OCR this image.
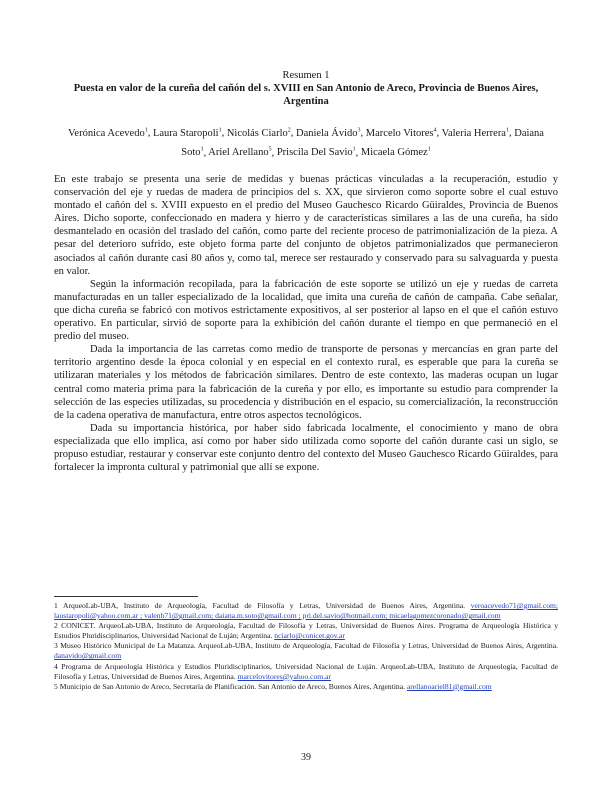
Resumen 1

Puesta en valor de la cureña del cañón del s. XVIII en San Antonio de Areco, Provincia de Buenos Aires, Argentina
Verónica Acevedo$^1$, Laura Staropoli$^1$, Nicolás Ciarlo$^2$, Daniela Ávido$^3$, Marcelo Vitores$^4$, Valeria Herrera$^1$, Daiana Soto$^1$, Ariel Arellano$^5$, Priscila Del Savio$^1$, Micaela Gómez$^1$

En este trabajo se presenta una serie de medidas y buenas prácticas vinculadas a la recuperación, estudio y conservación del eje y ruedas de madera de principios del s. XX, que sirvieron como soporte sobre el cual estuvo montado el cañón del s. XVIII expuesto en el predio del Museo Gauchesco Ricardo Güiraldes, Provincia de Buenos Aires. Dicho soporte, confeccionado en madera y hierro y de características similares a las de una cureña, ha sido desmantelado en ocasión del traslado del cañón, como parte del reciente proceso de patrimonialización de la pieza. A pesar del deterioro sufrido, este objeto forma parte del conjunto de objetos patrimonializados que permanecieron asociados al cañón durante casi 80 años y, como tal, merece ser restaurado y conservado para su salvaguarda y puesta en valor.

Según la información recopilada, para la fabricación de este soporte se utilizó un eje y ruedas de carreta manufacturadas en un taller especializado de la localidad, que imita una cureña de cañón de campaña. Cabe señalar, que dicha cureña se fabricó con motivos estrictamente expositivos, al ser posterior al lapso en el que el cañón estuvo operativo. En particular, sirvió de soporte para la exhibición del cañón durante el tiempo en que permaneció en el predio del museo.

Dada la importancia de las carretas como medio de transporte de personas y mercancías en gran parte del territorio argentino desde la época colonial y en especial en el contexto rural, es esperable que para la cureña se utilizaran materiales y los métodos de fabricación similares. Dentro de este contexto, las maderas ocupan un lugar central como materia prima para la fabricación de la cureña y por ello, es importante su estudio para comprender la selección de las especies utilizadas, su procedencia y distribución en el espacio, su comercialización, la reconstrucción de la cadena operativa de manufactura, entre otros aspectos tecnológicos.

Dada su importancia histórica, por haber sido fabricada localmente, el conocimiento y mano de obra especializada que ello implica, así como por haber sido utilizada como soporte del cañón durante casi un siglo, se propuso estudiar, restaurar y conservar este conjunto dentro del contexto del Museo Gauchesco Ricardo Güiraldes, para fortalecer la impronta cultural y patrimonial que allí se expone.

1 ArqueoLab-UBA, Instituto de Arqueología, Facultad de Filosofía y Letras, Universidad de Buenos Aires, Argentina. veroacevedo71@gmail.com; laustaropoli@yahoo.com.ar ; valenh71@gmail.com; daiana.m.soto@gmail.com ; pri.del.savio@hotmail.com; micaelagomezcoronado@gmail.com

2 CONICET. ArqueoLab-UBA, Instituto de Arqueología, Facultad de Filosofía y Letras, Universidad de Buenos Aires. Programa de Arqueología Histórica y Estudios Pluridisciplinarios, Universidad Nacional de Luján; Argentina. nciarlo@conicet.gov.ar

3 Museo Histórico Municipal de La Matanza. ArqueoLab-UBA, Instituto de Arqueología, Facultad de Filosofía y Letras, Universidad de Buenos Aires, Argentina. danavido@gmail.com

4 Programa de Arqueología Histórica y Estudios Pluridisciplinarios, Universidad Nacional de Luján. ArqueoLab-UBA, Instituto de Arqueología, Facultad de Filosofía y Letras, Universidad de Buenos Aires, Argentina. marcelovitores@yahoo.com.ar

5 Municipio de San Antonio de Areco, Secretaría de Planificación. San Antonio de Areco, Buenos Aires, Argentina. arellanoariel81@gmail.com

39
